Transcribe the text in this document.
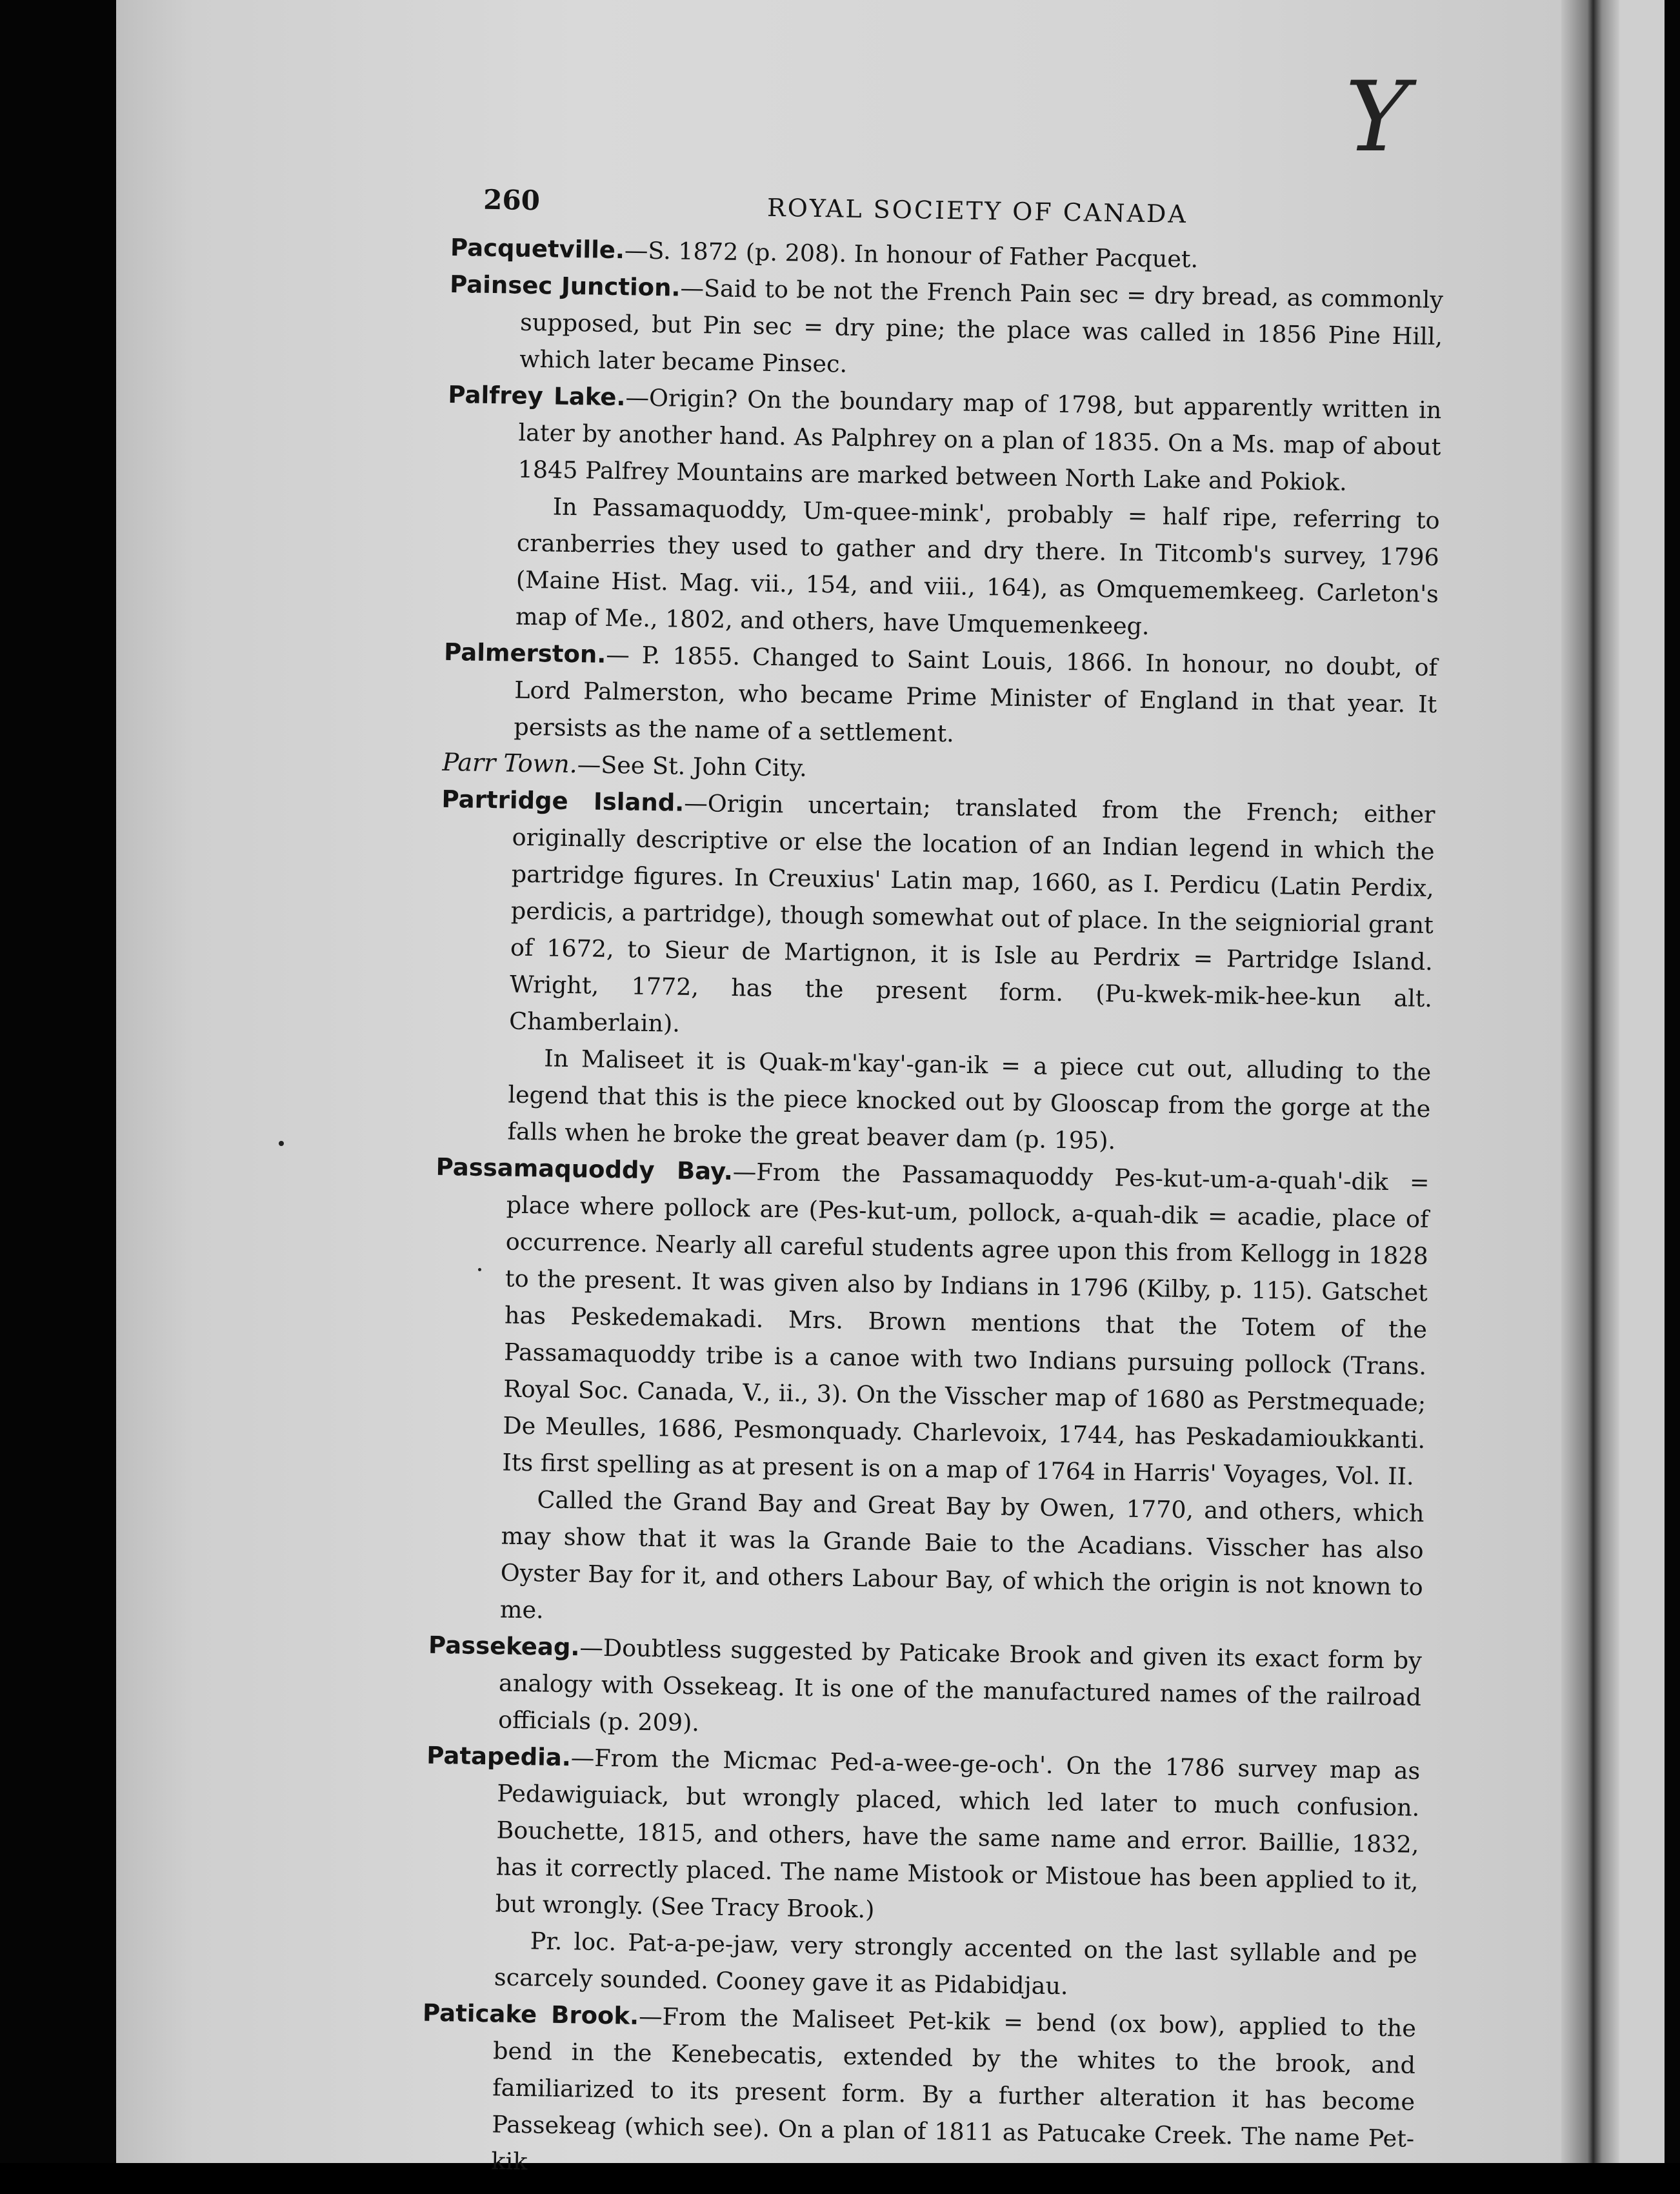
Y
260	ROYAL SOCIETY OF CANADA

Pacquetville.—S. 1872 (p. 208). In honour of Father Pacquet.

Painsec Junction.—Said to be not the French Pain sec = dry bread, as commonly supposed, but Pin sec = dry pine; the place was called in 1856 Pine Hill, which later became Pinsec.

Palfrey Lake.—Origin? On the boundary map of 1798, but apparently written in later by another hand. As Palphrey on a plan of 1835. On a Ms. map of about 1845 Palfrey Mountains are marked between North Lake and Pokiok.

In Passamaquoddy, Um-quee-mink', probably = half ripe, referring to cranberries they used to gather and dry there. In Titcomb's survey, 1796 (Maine Hist. Mag. vii., 154, and viii., 164), as Omquememkeeg. Carleton's map of Me., 1802, and others, have Umquemenkeeg.

Palmerston.— P. 1855. Changed to Saint Louis, 1866. In honour, no doubt, of Lord Palmerston, who became Prime Minister of England in that year. It persists as the name of a settlement.

Parr Town.—See St. John City.

Partridge Island.—Origin uncertain; translated from the French; either originally descriptive or else the location of an Indian legend in which the partridge figures. In Creuxius' Latin map, 1660, as I. Perdicu (Latin Perdix, perdicis, a partridge), though somewhat out of place. In the seigniorial grant of 1672, to Sieur de Martignon, it is Isle au Perdrix = Partridge Island. Wright, 1772, has the present form. (Pu-kwek-mik-hee-kun alt. Chamberlain).

In Maliseet it is Quak-m'kay'-gan-ik = a piece cut out, alluding to the legend that this is the piece knocked out by Glooscap from the gorge at the falls when he broke the great beaver dam (p. 195).

Passamaquoddy Bay.—From the Passamaquoddy Pes-kut-um-a-quah'-dik = place where pollock are (Pes-kut-um, pollock, a-quah-dik = acadie, place of occurrence. Nearly all careful students agree upon this from Kellogg in 1828 to the present. It was given also by Indians in 1796 (Kilby, p. 115). Gatschet has Peskedemakadi. Mrs. Brown mentions that the Totem of the Passamaquoddy tribe is a canoe with two Indians pursuing pollock (Trans. Royal Soc. Canada, V., ii., 3). On the Visscher map of 1680 as Perstmequade; De Meulles, 1686, Pesmonquady. Charlevoix, 1744, has Peskadamioukkanti. Its first spelling as at present is on a map of 1764 in Harris' Voyages, Vol. II.

Called the Grand Bay and Great Bay by Owen, 1770, and others, which may show that it was la Grande Baie to the Acadians. Visscher has also Oyster Bay for it, and others Labour Bay, of which the origin is not known to me.

Passekeag.—Doubtless suggested by Paticake Brook and given its exact form by analogy with Ossekeag. It is one of the manufactured names of the railroad officials (p. 209).

Patapedia.—From the Micmac Ped-a-wee-ge-och'. On the 1786 survey map as Pedawiguiack, but wrongly placed, which led later to much confusion. Bouchette, 1815, and others, have the same name and error. Baillie, 1832, has it correctly placed. The name Mistook or Mistoue has been applied to it, but wrongly. (See Tracy Brook.)

Pr. loc. Pat-a-pe-jaw, very strongly accented on the last syllable and pe scarcely sounded. Cooney gave it as Pidabidjau.

Paticake Brook.—From the Maliseet Pet-kik = bend (ox bow), applied to the bend in the Kenebecatis, extended by the whites to the brook, and familiarized to its present form. By a further alteration it has become Passekeag (which see). On a plan of 1811 as Patucake Creek. The name Pet-kik
